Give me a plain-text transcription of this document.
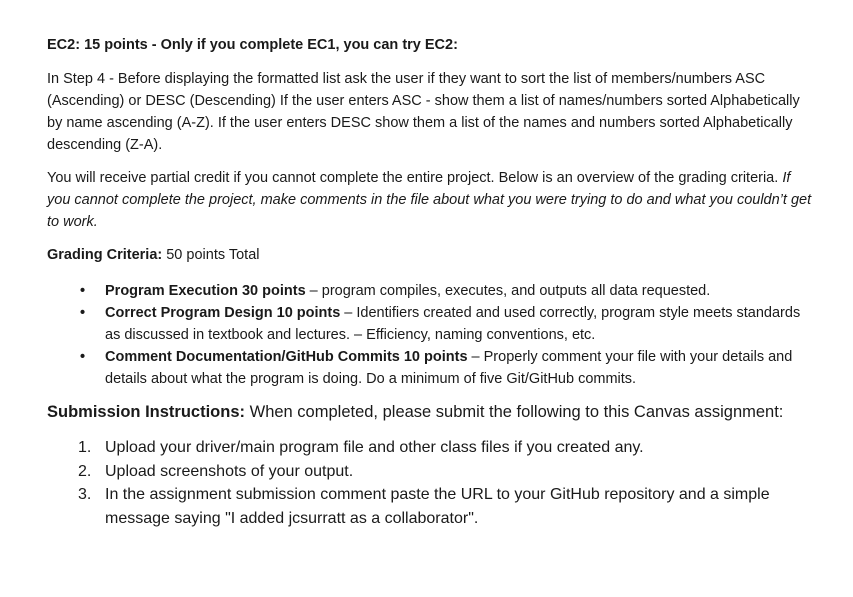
EC2: 15 points - Only if you complete EC1, you can try EC2:

In Step 4 - Before displaying the formatted list ask the user if they want to sort the list of members/numbers ASC (Ascending) or DESC (Descending) If the user enters ASC - show them a list of names/numbers sorted Alphabetically by name ascending (A-Z). If the user enters DESC show them a list of the names and numbers sorted Alphabetically descending (Z-A).

You will receive partial credit if you cannot complete the entire project. Below is an overview of the grading criteria. If you cannot complete the project, make comments in the file about what you were trying to do and what you couldn’t get to work.

Grading Criteria: 50 points Total

• Program Execution 30 points – program compiles, executes, and outputs all data requested.
• Correct Program Design 10 points – Identifiers created and used correctly, program style meets standards as discussed in textbook and lectures. – Efficiency, naming conventions, etc.
• Comment Documentation/GitHub Commits 10 points – Properly comment your file with your details and details about what the program is doing. Do a minimum of five Git/GitHub commits.
Submission Instructions: When completed, please submit the following to this Canvas assignment:
1. Upload your driver/main program file and other class files if you created any.
2. Upload screenshots of your output.
3. In the assignment submission comment paste the URL to your GitHub repository and a simple message saying "I added jcsurratt as a collaborator".
